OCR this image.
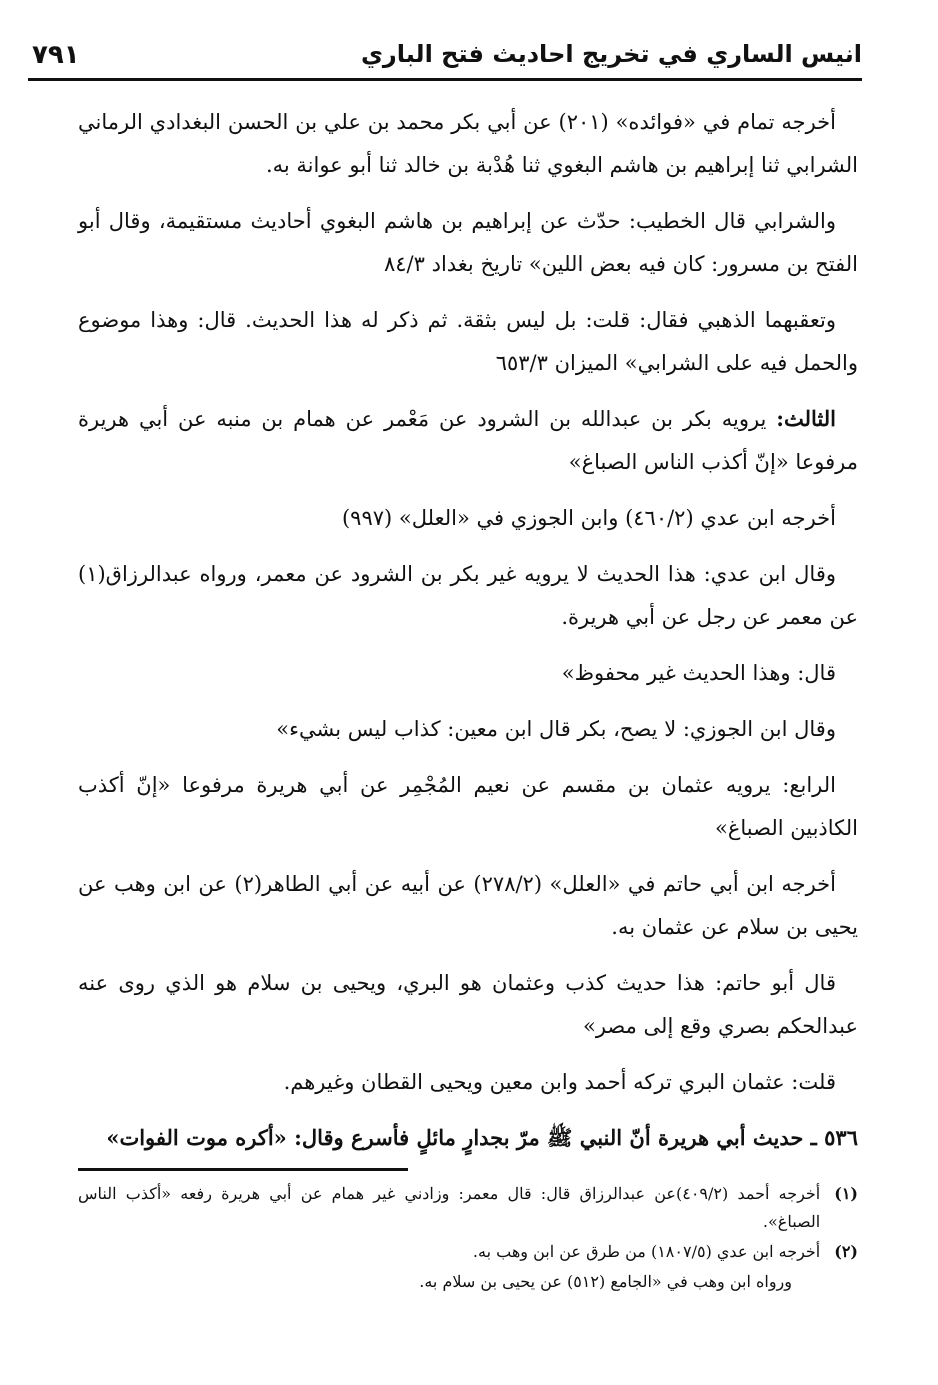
انيس الساري في تخريج احاديث فتح الباري
٧٩١

أخرجه تمام في «فوائده» (٢٠١) عن أبي بكر محمد بن علي بن الحسن البغدادي الرماني الشرابي ثنا إبراهيم بن هاشم البغوي ثنا هُدْبة بن خالد ثنا أبو عوانة به.

والشرابي قال الخطيب: حدّث عن إبراهيم بن هاشم البغوي أحاديث مستقيمة، وقال أبو الفتح بن مسرور: كان فيه بعض اللين» تاريخ بغداد ٨٤/٣

وتعقبهما الذهبي فقال: قلت: بل ليس بثقة. ثم ذكر له هذا الحديث. قال: وهذا موضوع والحمل فيه على الشرابي» الميزان ٦٥٣/٣

الثالث: يرويه بكر بن عبدالله بن الشرود عن مَعْمر عن همام بن منبه عن أبي هريرة مرفوعا «إنّ أكذب الناس الصباغ»

أخرجه ابن عدي (٤٦٠/٢) وابن الجوزي في «العلل» (٩٩٧)

وقال ابن عدي: هذا الحديث لا يرويه غير بكر بن الشرود عن معمر، ورواه عبدالرزاق(١) عن معمر عن رجل عن أبي هريرة.

قال: وهذا الحديث غير محفوظ»

وقال ابن الجوزي: لا يصح، بكر قال ابن معين: كذاب ليس بشيء»

الرابع: يرويه عثمان بن مقسم عن نعيم المُجْمِر عن أبي هريرة مرفوعا «إنّ أكذب الكاذبين الصباغ»

أخرجه ابن أبي حاتم في «العلل» (٢٧٨/٢) عن أبيه عن أبي الطاهر(٢) عن ابن وهب عن يحيى بن سلام عن عثمان به.

قال أبو حاتم: هذا حديث كذب وعثمان هو البري، ويحيى بن سلام هو الذي روى عنه عبدالحكم بصري وقع إلى مصر»

قلت: عثمان البري تركه أحمد وابن معين ويحيى القطان وغيرهم.

٥٣٦ ـ حديث أبي هريرة أنّ النبي ﷺ مرّ بجدارٍ مائلٍ فأسرع وقال: «أكره موت الفوات»

(١)
أخرجه أحمد (٤٠٩/٢)عن عبدالرزاق قال: قال معمر: وزادني غير همام عن أبي هريرة رفعه «أكذب الناس الصباغ».
(٢)
أخرجه ابن عدي (١٨٠٧/٥) من طرق عن ابن وهب به.
ورواه ابن وهب في «الجامع (٥١٢) عن يحيى بن سلام به.
